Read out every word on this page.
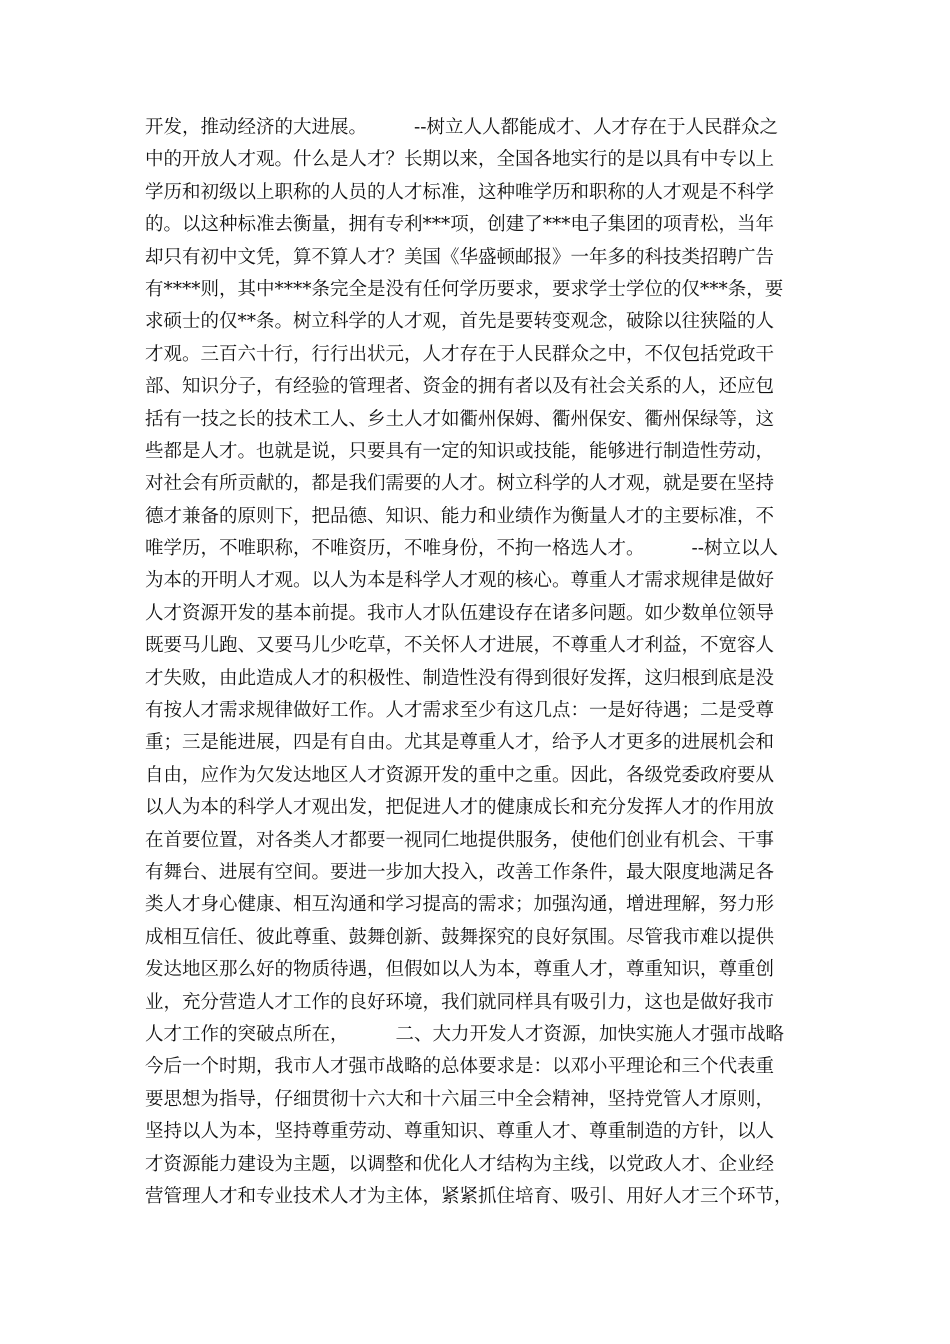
开发，推动经济的大进展。        --树立人人都能成才、人才存在于人民群众之
中的开放人才观。什么是人才？长期以来，全国各地实行的是以具有中专以上
学历和初级以上职称的人员的人才标准，这种唯学历和职称的人才观是不科学
的。以这种标准去衡量，拥有专利***项，创建了***电子集团的项青松，当年
却只有初中文凭，算不算人才？美国《华盛顿邮报》一年多的科技类招聘广告
有****则，其中****条完全是没有任何学历要求，要求学士学位的仅***条，要
求硕士的仅**条。树立科学的人才观，首先是要转变观念，破除以往狭隘的人
才观。三百六十行，行行出状元，人才存在于人民群众之中，不仅包括党政干
部、知识分子，有经验的管理者、资金的拥有者以及有社会关系的人，还应包
括有一技之长的技术工人、乡土人才如衢州保姆、衢州保安、衢州保绿等，这
些都是人才。也就是说，只要具有一定的知识或技能，能够进行制造性劳动，
对社会有所贡献的，都是我们需要的人才。树立科学的人才观，就是要在坚持
德才兼备的原则下，把品德、知识、能力和业绩作为衡量人才的主要标准，不
唯学历，不唯职称，不唯资历，不唯身份，不拘一格选人才。        --树立以人
为本的开明人才观。以人为本是科学人才观的核心。尊重人才需求规律是做好
人才资源开发的基本前提。我市人才队伍建设存在诸多问题。如少数单位领导
既要马儿跑、又要马儿少吃草，不关怀人才进展，不尊重人才利益，不宽容人
才失败，由此造成人才的积极性、制造性没有得到很好发挥，这归根到底是没
有按人才需求规律做好工作。人才需求至少有这几点：一是好待遇；二是受尊
重；三是能进展，四是有自由。尤其是尊重人才，给予人才更多的进展机会和
自由，应作为欠发达地区人才资源开发的重中之重。因此，各级党委政府要从
以人为本的科学人才观出发，把促进人才的健康成长和充分发挥人才的作用放
在首要位置，对各类人才都要一视同仁地提供服务，使他们创业有机会、干事
有舞台、进展有空间。要进一步加大投入，改善工作条件，最大限度地满足各
类人才身心健康、相互沟通和学习提高的需求；加强沟通，增进理解，努力形
成相互信任、彼此尊重、鼓舞创新、鼓舞探究的良好氛围。尽管我市难以提供
发达地区那么好的物质待遇，但假如以人为本，尊重人才，尊重知识，尊重创
业，充分营造人才工作的良好环境，我们就同样具有吸引力，这也是做好我市
人才工作的突破点所在，        二、大力开发人才资源，加快实施人才强市战略
今后一个时期，我市人才强市战略的总体要求是：以邓小平理论和三个代表重
要思想为指导，仔细贯彻十六大和十六届三中全会精神，坚持党管人才原则，
坚持以人为本，坚持尊重劳动、尊重知识、尊重人才、尊重制造的方针，以人
才资源能力建设为主题，以调整和优化人才结构为主线，以党政人才、企业经
营管理人才和专业技术人才为主体，紧紧抓住培育、吸引、用好人才三个环节，
